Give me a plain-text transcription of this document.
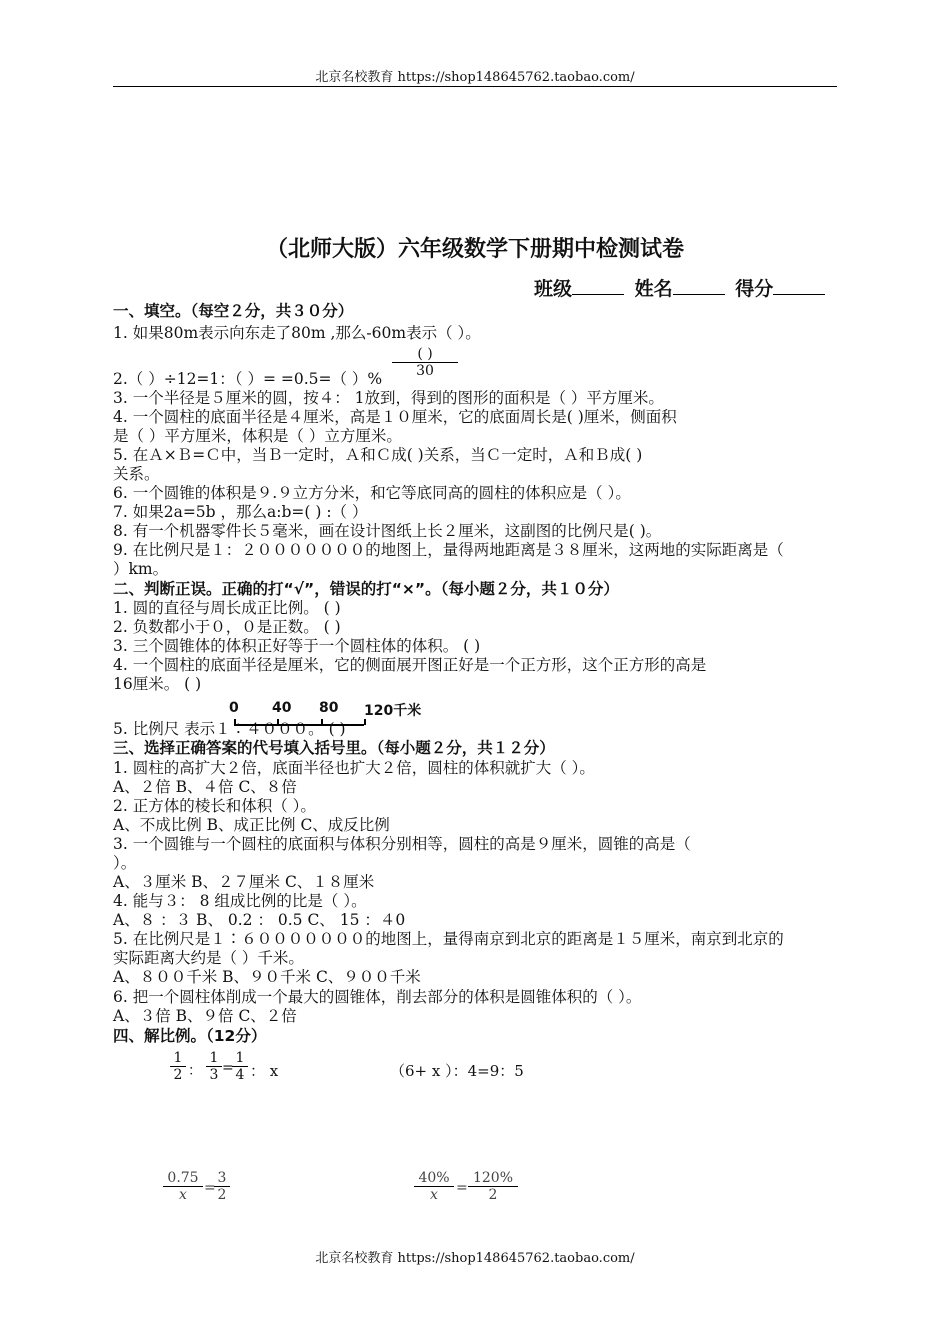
北京名校教育 https://shop148645762.taobao.com/
（北师大版）六年级数学下册期中检测试卷
班级	姓名	得分
一、填空。（每空２分，共３０分）
1. 如果80m表示向东走了80m ,那么-60m表示（ ）。
2.（ ）÷12=1：（ ）= =0.5=（ ）%
3. 一个半径是５厘米的圆，按４： 1放到，得到的图形的面积是（ ）平方厘米。
4. 一个圆柱的底面半径是４厘米，高是１０厘米，它的底面周长是( )厘米，侧面积
是（ ）平方厘米，体积是（ ）立方厘米。
5. 在Ａ×Ｂ=Ｃ中，当Ｂ一定时，Ａ和Ｃ成( )关系，当Ｃ一定时，Ａ和Ｂ成( )
关系。
6. 一个圆锥的体积是９.９立方分米，和它等底同高的圆柱的体积应是（ ）。
7. 如果2a=5b ，那么a:b=( ) :（ ）
8. 有一个机器零件长５毫米，画在设计图纸上长２厘米，这副图的比例尺是( )。
9. 在比例尺是１：２０００００００的地图上，量得两地距离是３８厘米，这两地的实际距离是（
）km。
二、判断正误。正确的打“√”，错误的打“×”。（每小题２分，共１０分）
1. 圆的直径与周长成正比例。 ( )
2. 负数都小于０，０是正数。 ( )
3. 三个圆锥体的体积正好等于一个圆柱体的体积。 ( )
4. 一个圆柱的底面半径是厘米，它的侧面展开图正好是一个正方形，这个正方形的高是
16厘米。 ( )
5. 比例尺 表示１∶４０００。 ( )
三、选择正确答案的代号填入括号里。（每小题２分，共１２分）
1. 圆柱的高扩大２倍，底面半径也扩大２倍，圆柱的体积就扩大（ ）。
A、２倍 B、４倍 C、８倍
2. 正方体的棱长和体积（ ）。
A、不成比例 B、成正比例 C、成反比例
3. 一个圆锥与一个圆柱的底面积与体积分别相等，圆柱的高是９厘米，圆锥的高是（
）。
A、３厘米 B、２７厘米 C、１８厘米
4. 能与３： 8 组成比例的比是（ ）。
A、８ ：３ B、 0.2 ： 0.5 C、 15 ：４0
5. 在比例尺是１∶６０００００００的地图上，量得南京到北京的距离是１５厘米，南京到北京的
实际距离大约是（ ）千米。
A、８００千米 B、９０千米 C、９００千米
6. 把一个圆柱体削成一个最大的圆锥体，削去部分的体积是圆锥体积的（ ）。
A、３倍 B、９倍 C、２倍
四、解比例。（12分）
( )
30
0 40 80 120千米
$\frac{1}{2}$ ： $\frac{1}{3}$ =
$\frac{1}{4}$ ： x	（6+ x ）：4=9：5
$\frac{0.75}{x}$ =
$\frac{3}{2}$	$\frac{40\%}{x} = \frac{120\%}{2}$
北京名校教育 https://shop148645762.taobao.com/
